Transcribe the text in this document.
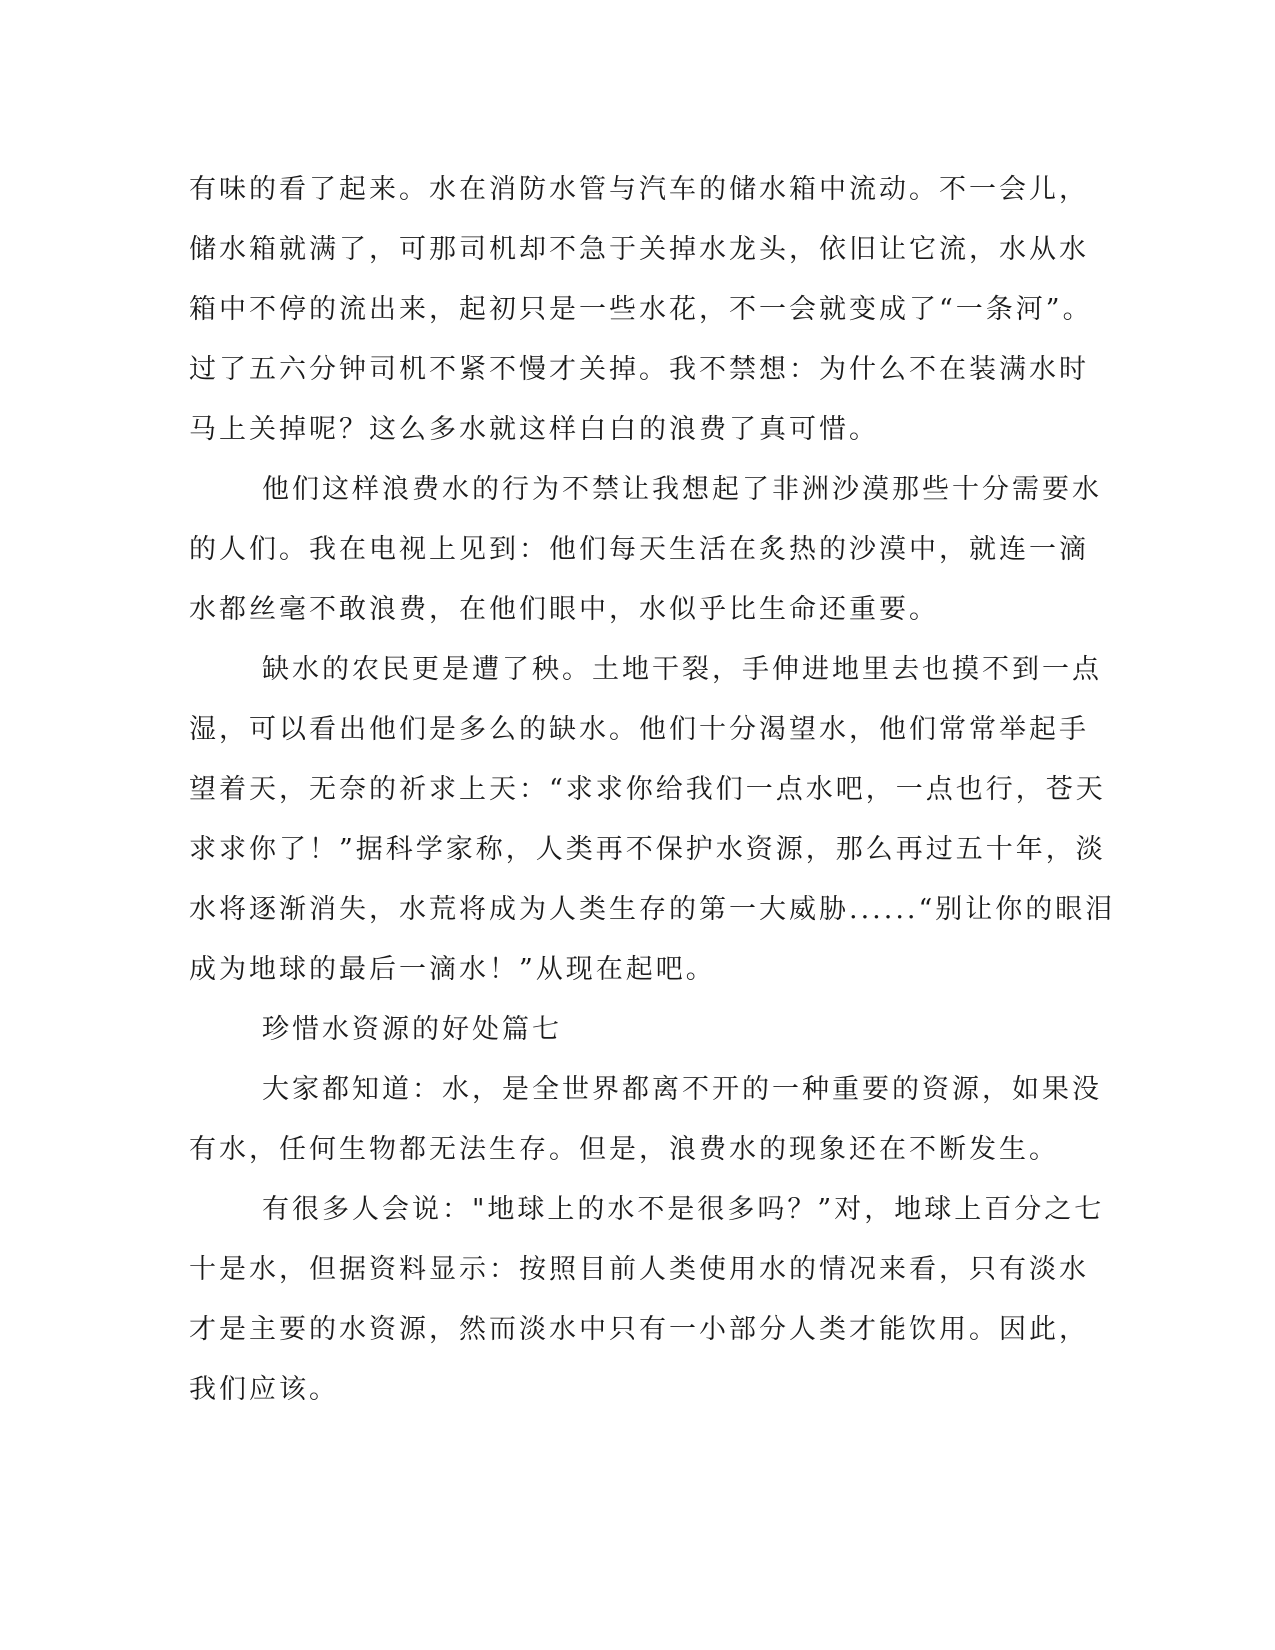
有味的看了起来。水在消防水管与汽车的储水箱中流动。不一会儿，
储水箱就满了，可那司机却不急于关掉水龙头，依旧让它流，水从水
箱中不停的流出来，起初只是一些水花，不一会就变成了“一条河”。
过了五六分钟司机不紧不慢才关掉。我不禁想：为什么不在装满水时
马上关掉呢？这么多水就这样白白的浪费了真可惜。
他们这样浪费水的行为不禁让我想起了非洲沙漠那些十分需要水
的人们。我在电视上见到：他们每天生活在炙热的沙漠中，就连一滴
水都丝毫不敢浪费，在他们眼中，水似乎比生命还重要。
缺水的农民更是遭了秧。土地干裂，手伸进地里去也摸不到一点
湿，可以看出他们是多么的缺水。他们十分渴望水，他们常常举起手
望着天，无奈的祈求上天：“求求你给我们一点水吧，一点也行，苍天
求求你了！”据科学家称，人类再不保护水资源，那么再过五十年，淡
水将逐渐消失，水荒将成为人类生存的第一大威胁......“别让你的眼泪
成为地球的最后一滴水！”从现在起吧。
珍惜水资源的好处篇七
大家都知道：水，是全世界都离不开的一种重要的资源，如果没
有水，任何生物都无法生存。但是，浪费水的现象还在不断发生。
有很多人会说："地球上的水不是很多吗？”对，地球上百分之七
十是水，但据资料显示：按照目前人类使用水的情况来看，只有淡水
才是主要的水资源，然而淡水中只有一小部分人类才能饮用。因此，
我们应该。
